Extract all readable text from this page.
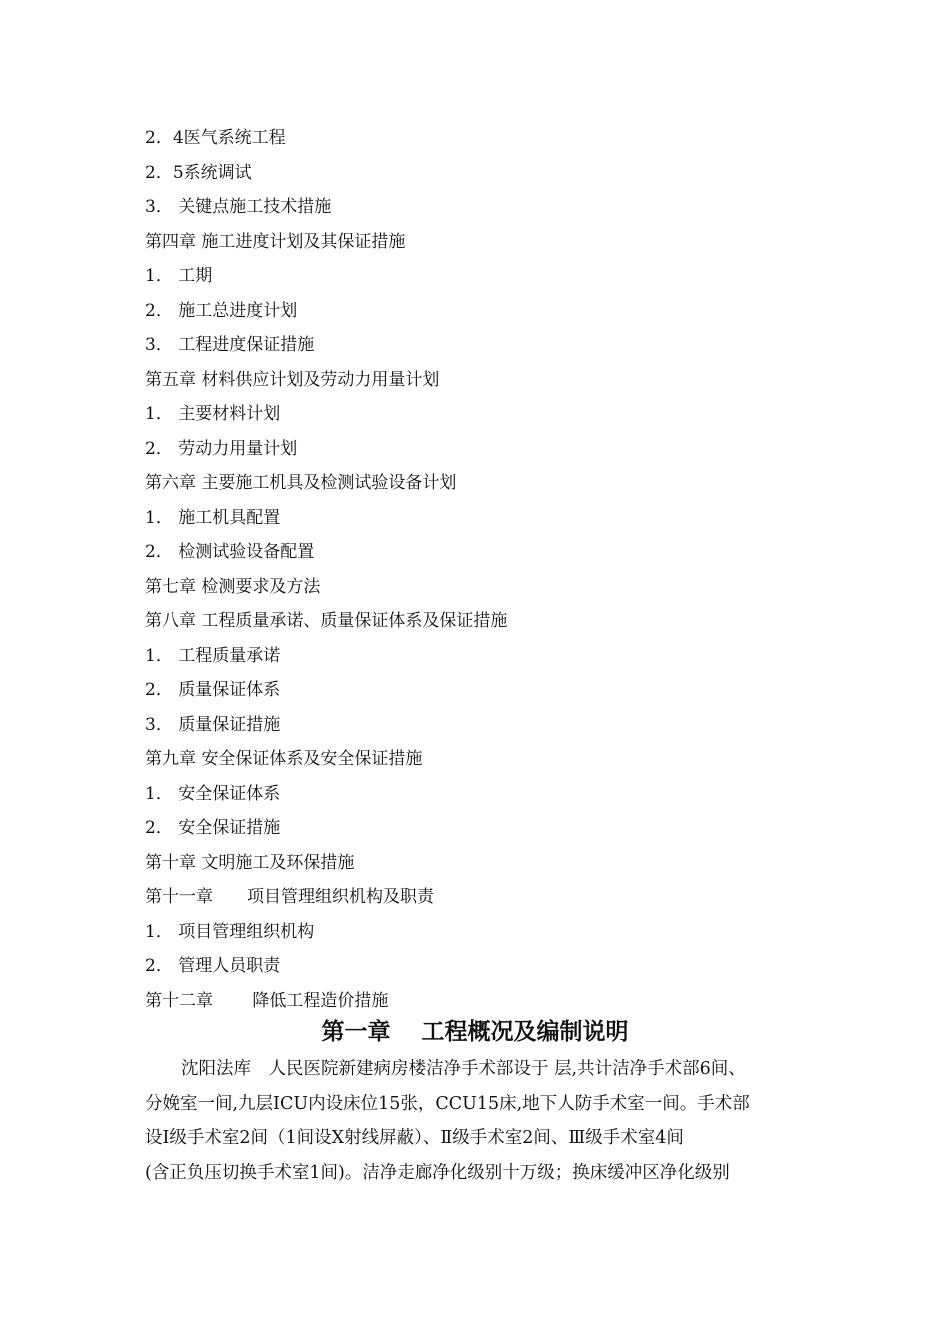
2．4医气系统工程
2．5系统调试
3． 关键点施工技术措施
第四章 施工进度计划及其保证措施
1． 工期
2． 施工总进度计划
3． 工程进度保证措施
第五章 材料供应计划及劳动力用量计划
1． 主要材料计划
2． 劳动力用量计划
第六章 主要施工机具及检测试验设备计划
1． 施工机具配置
2． 检测试验设备配置
第七章 检测要求及方法
第八章 工程质量承诺、质量保证体系及保证措施
1． 工程质量承诺
2． 质量保证体系
3． 质量保证措施
第九章 安全保证体系及安全保证措施
1． 安全保证体系
2． 安全保证措施
第十章 文明施工及环保措施
第十一章　　项目管理组织机构及职责
1． 项目管理组织机构
2． 管理人员职责
第十二章　　 降低工程造价措施
第一章　 工程概况及编制说明
沈阳法库　人民医院新建病房楼洁净手术部设于 层,共计洁净手术部6间、
分娩室一间,九层ICU内设床位15张，CCU15床,地下人防手术室一间。手术部
设Ⅰ级手术室2间（1间设X射线屏蔽）、Ⅱ级手术室2间、Ⅲ级手术室4间
(含正负压切换手术室1间)。洁净走廊净化级别十万级；换床缓冲区净化级别
